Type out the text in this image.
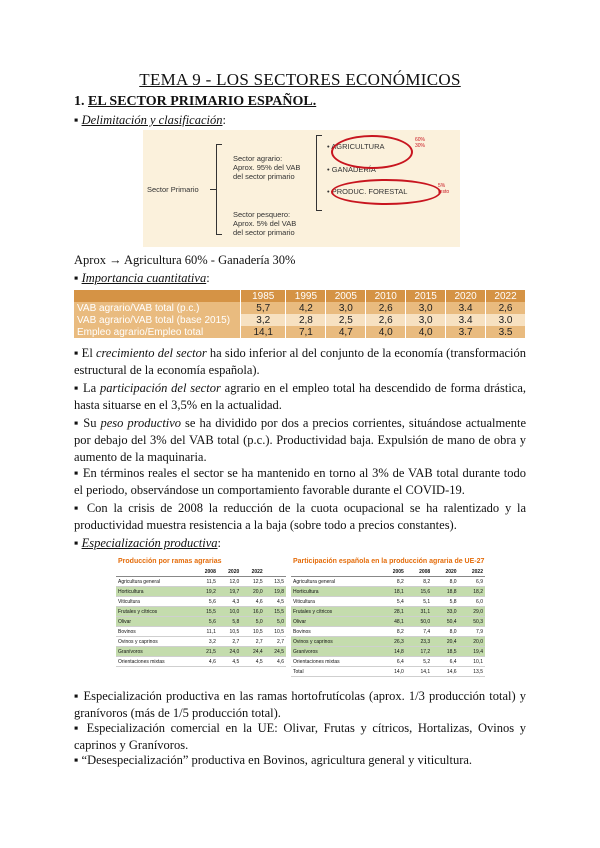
TEMA 9 - LOS SECTORES ECONÓMICOS
1. EL SECTOR PRIMARIO ESPAÑOL.
▪ Delimitación y clasificación:
Sector Primario
Sector agrario:
Aprox. 95% del VAB
del sector primario
Sector pesquero:
Aprox. 5% del VAB
del sector primario
• AGRICULTURA
• GANADERÍA
• PRODUC. FORESTAL
60%
30%
5%
resto
Aprox → Agricultura 60% - Ganadería 30%
▪ Importancia cuantitativa:
	1985	1995	2005	2010	2015	2020	2022
VAB agrario/VAB total (p.c.)	5,7	4,2	3,0	2,6	3,0	3.4	2,6
VAB agrario/VAB total (base 2015)	3,2	2,8	2,5	2,6	3,0	3.4	3.0
Empleo agrario/Empleo total	14,1	7,1	4,7	4,0	4,0	3.7	3.5
▪ El crecimiento del sector ha sido inferior al del conjunto de la economía (transformación estructural de la economía española).
▪ La participación del sector agrario en el empleo total ha descendido de forma drástica, hasta situarse en el 3,5% en la actualidad.
▪ Su peso productivo se ha dividido por dos a precios corrientes, situándose actualmente por debajo del 3% del VAB total (p.c.). Productividad baja. Expulsión de mano de obra y aumento de la maquinaria.
▪ En términos reales el sector se ha mantenido en torno al 3% de VAB total durante todo el periodo, observándose un comportamiento favorable durante el COVID-19.
▪ Con la crisis de 2008 la reducción de la cuota ocupacional se ha ralentizado y la productividad muestra resistencia a la baja (sobre todo a precios constantes).
▪ Especialización productiva:
Producción por ramas agrarias
	2008	2020	2022	
Agricultura general	11,5	12,0	12,5	13,5
Horticultura	19,2	19,7	20,0	19,8
Viticultura	5,6	4,3	4,6	4,5
Frutales y cítricos	15,5	10,0	16,0	15,5
Olivar	5,6	5,8	5,0	5,0
Bovinos	11,1	10,5	10,5	10,5
Ovinos y caprinos	3,2	2,7	2,7	2,7
Granívoros	21,5	24,0	24,4	24,5
Orientaciones mixtas	4,6	4,5	4,5	4,6
Participación española en la producción agraria de UE-27
	2005	2008	2020	2022
Agricultura general	8,2	8,2	8,0	6,9
Horticultura	18,1	15,6	18,8	18,2
Viticultura	5,4	5,1	5,8	6,0
Frutales y cítricos	28,1	31,1	33,0	29,0
Olivar	48,1	50,0	50,4	50,3
Bovinos	8,2	7,4	8,0	7,9
Ovinos y caprinos	26,3	23,3	20,4	20,0
Granívoros	14,8	17,2	18,5	19,4
Orientaciones mixtas	6,4	5,2	6,4	10,1
Total	14,0	14,1	14,6	13,5
▪ Especialización productiva en las ramas hortofrutícolas (aprox. 1/3 producción total) y granívoros (más de 1/5 producción total).
▪ Especialización comercial en la UE: Olivar, Frutas y cítricos, Hortalizas, Ovinos y caprinos y Granívoros.
▪ “Desespecialización” productiva en Bovinos, agricultura general y viticultura.
